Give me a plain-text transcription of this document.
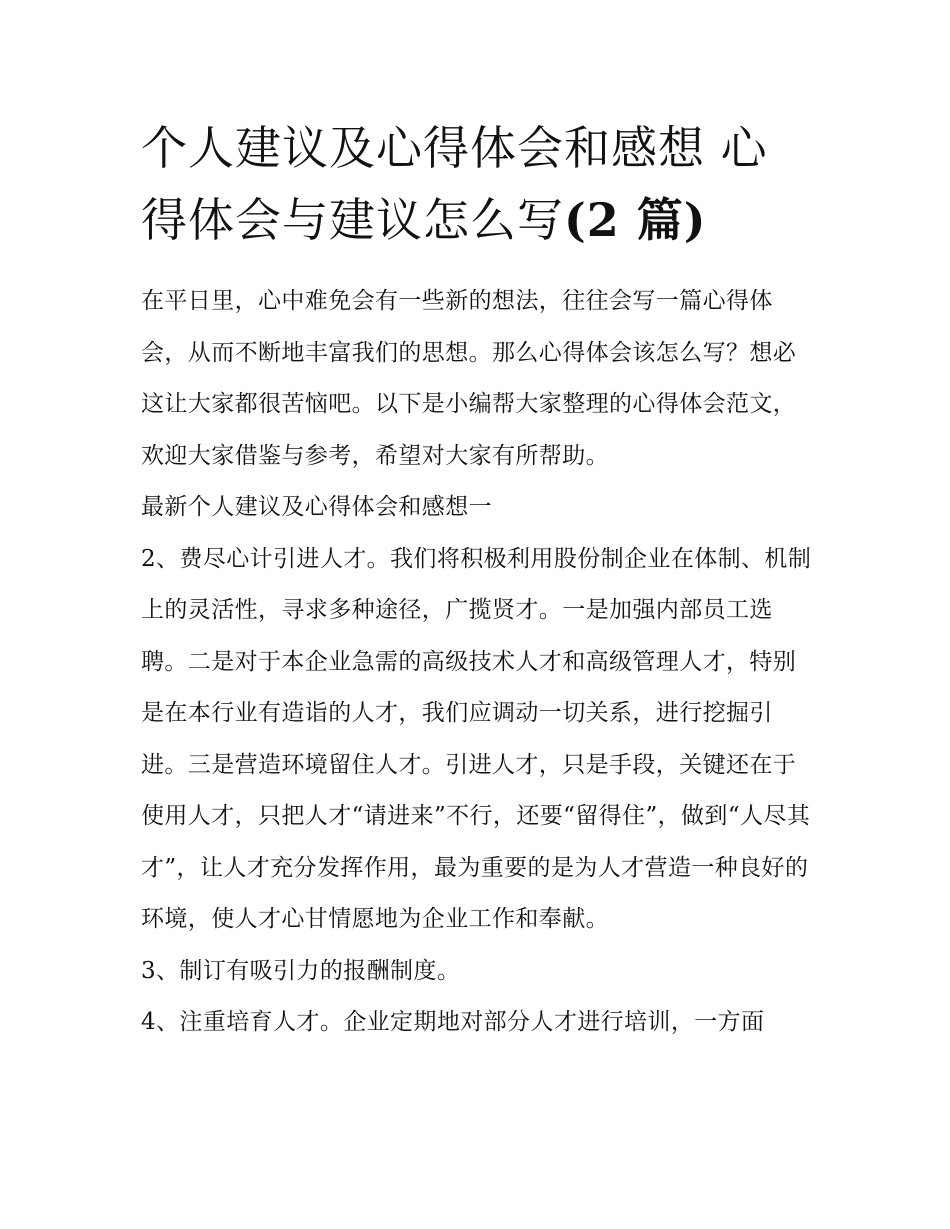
个人建议及心得体会和感想 心得体会与建议怎么写(2 篇)

在平日里，心中难免会有一些新的想法，往往会写一篇心得体会，从而不断地丰富我们的思想。那么心得体会该怎么写？想必这让大家都很苦恼吧。以下是小编帮大家整理的心得体会范文，欢迎大家借鉴与参考，希望对大家有所帮助。

最新个人建议及心得体会和感想一

2、费尽心计引进人才。我们将积极利用股份制企业在体制、机制上的灵活性，寻求多种途径，广揽贤才。一是加强内部员工选聘。二是对于本企业急需的高级技术人才和高级管理人才，特别是在本行业有造诣的人才，我们应调动一切关系，进行挖掘引进。三是营造环境留住人才。引进人才，只是手段，关键还在于使用人才，只把人才“请进来”不行，还要“留得住”，做到“人尽其才”，让人才充分发挥作用，最为重要的是为人才营造一种良好的环境，使人才心甘情愿地为企业工作和奉献。

3、制订有吸引力的报酬制度。

4、注重培育人才。企业定期地对部分人才进行培训，一方面
